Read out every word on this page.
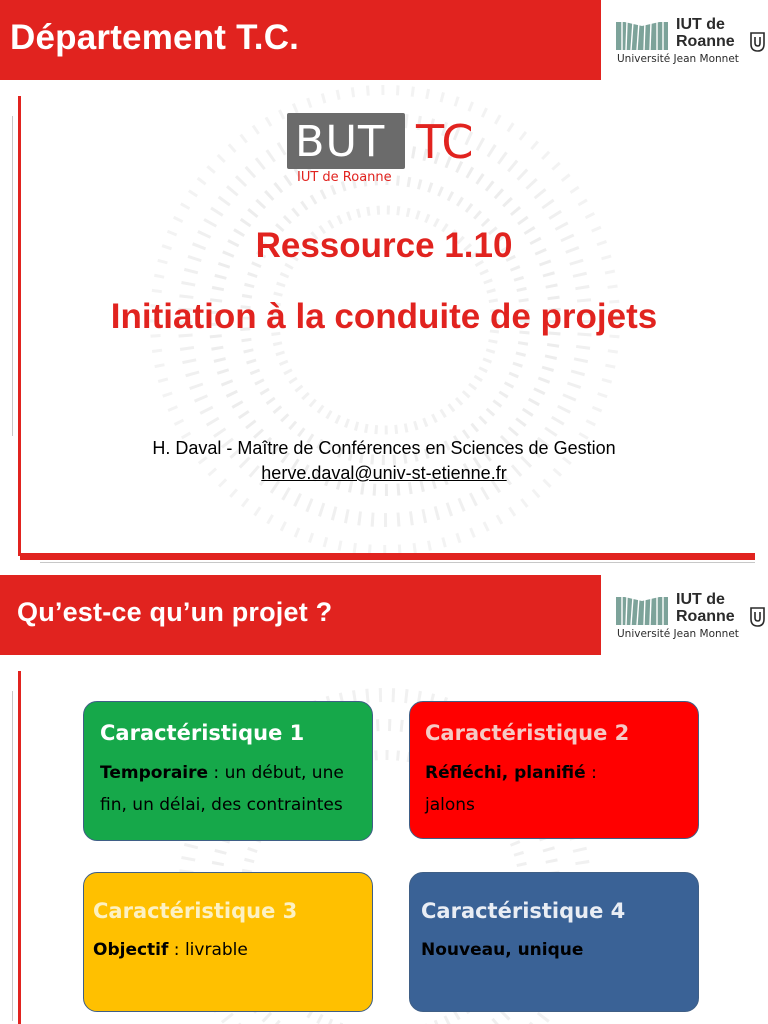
Département T.C.	IUT de
Roanne
Université Jean Monnet
BUT TC
IUT de Roanne
Ressource 1.10
Initiation à la conduite de projets
H. Daval - Maître de Conférences en Sciences de Gestion
herve.daval@univ-st-etienne.fr
Qu’est-ce qu’un projet ?	IUT de
Roanne
Université Jean Monnet
Caractéristique 1
Temporaire : un début, une fin, un délai, des contraintes
Caractéristique 2
Réfléchi, planifié :
jalons
Caractéristique 3
Objectif : livrable
Caractéristique 4
Nouveau, unique
